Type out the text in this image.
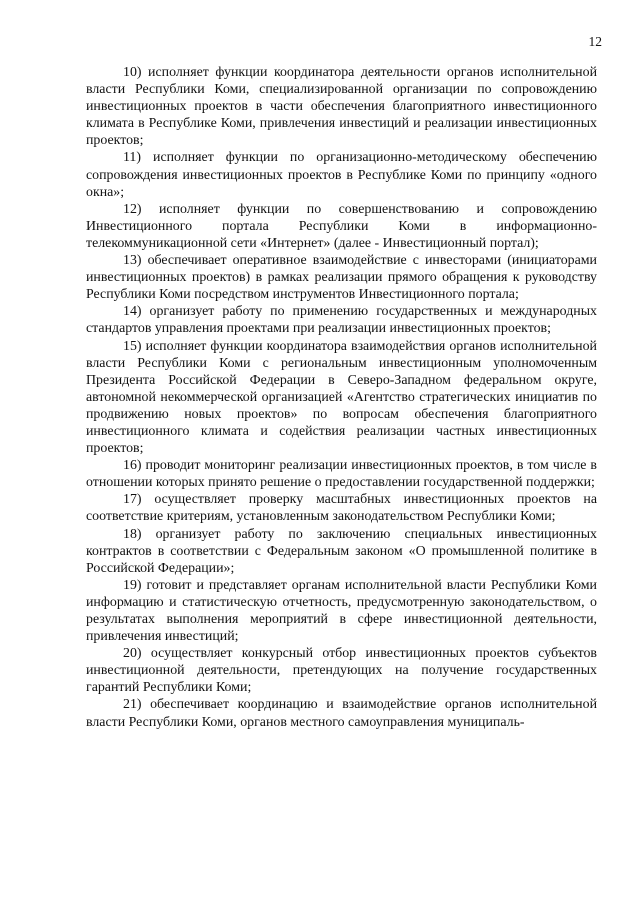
12

10) исполняет функции координатора деятельности органов исполнительной власти Республики Коми, специализированной организации по сопровождению инвестиционных проектов в части обеспечения благоприятного инвестиционного климата в Республике Коми, привлечения инвестиций и реализации инвестиционных проектов;

11) исполняет функции по организационно-методическому обеспечению сопровождения инвестиционных проектов в Республике Коми по принципу «одного окна»;

12) исполняет функции по совершенствованию и сопровождению Инвестиционного портала Республики Коми в информационно-телекоммуникационной сети «Интернет» (далее - Инвестиционный портал);

13) обеспечивает оперативное взаимодействие с инвесторами (инициаторами инвестиционных проектов) в рамках реализации прямого обращения к руководству Республики Коми посредством инструментов Инвестиционного портала;

14) организует работу по применению государственных и международных стандартов управления проектами при реализации инвестиционных проектов;

15) исполняет функции координатора взаимодействия органов исполнительной власти Республики Коми с региональным инвестиционным уполномоченным Президента Российской Федерации в Северо-Западном федеральном округе, автономной некоммерческой организацией «Агентство стратегических инициатив по продвижению новых проектов» по вопросам обеспечения благоприятного инвестиционного климата и содействия реализации частных инвестиционных проектов;

16) проводит мониторинг реализации инвестиционных проектов, в том числе в отношении которых принято решение о предоставлении государственной поддержки;

17) осуществляет проверку масштабных инвестиционных проектов на соответствие критериям, установленным законодательством Республики Коми;

18) организует работу по заключению специальных инвестиционных контрактов в соответствии с Федеральным законом «О промышленной политике в Российской Федерации»;

19) готовит и представляет органам исполнительной власти Республики Коми информацию и статистическую отчетность, предусмотренную законодательством, о результатах выполнения мероприятий в сфере инвестиционной деятельности, привлечения инвестиций;

20) осуществляет конкурсный отбор инвестиционных проектов субъектов инвестиционной деятельности, претендующих на получение государственных гарантий Республики Коми;

21) обеспечивает координацию и взаимодействие органов исполнительной власти Республики Коми, органов местного самоуправления муниципаль-
